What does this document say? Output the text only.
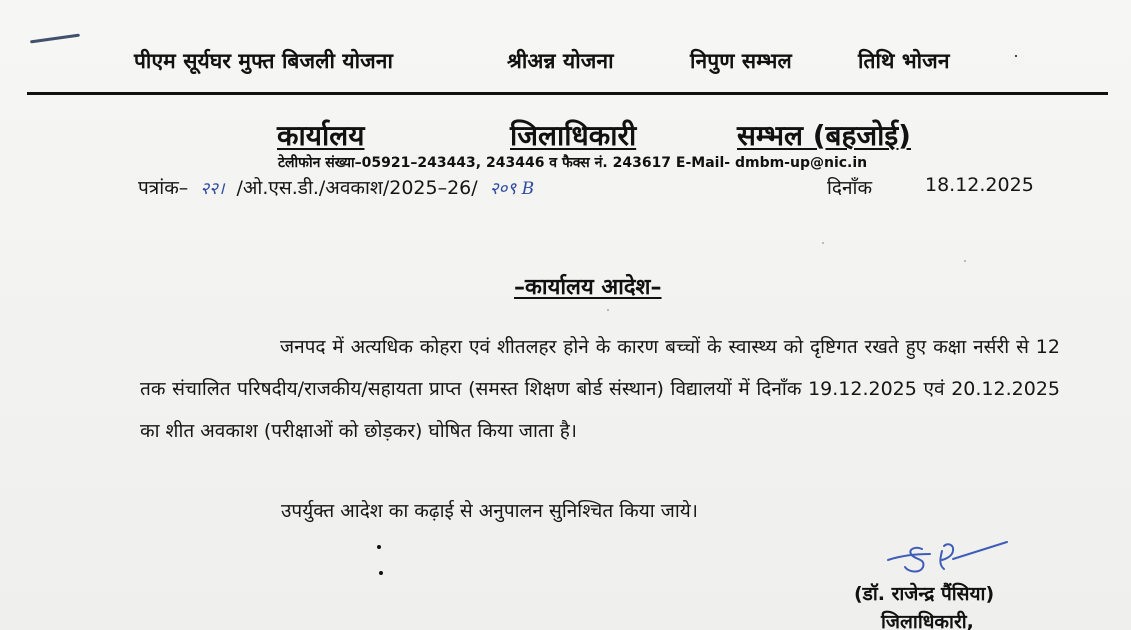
पीएम सूर्यघर मुफ्त बिजली योजना	श्रीअन्न योजना	निपुण सम्भल	तिथि भोजन
कार्यालय	जिलाधिकारी	सम्भल (बहजोई)
टेलीफोन संख्या–05921–243443, 243446 व फैक्स नं. 243617 E-Mail- dmbm-up@nic.in
पत्रांक– २२। /ओ.एस.डी./अवकाश/2025–26/ २०९ B	दिनाँक	18.12.2025
–कार्यालय आदेश–
जनपद में अत्यधिक कोहरा एवं शीतलहर होने के कारण बच्चों के स्वास्थ्य को दृष्टिगत रखते हुए कक्षा नर्सरी से 12 तक संचालित परिषदीय/राजकीय/सहायता प्राप्त (समस्त शिक्षण बोर्ड संस्थान) विद्यालयों में दिनाँक 19.12.2025 एवं 20.12.2025 का शीत अवकाश (परीक्षाओं को छोड़कर) घोषित किया जाता है।
उपर्युक्त आदेश का कढ़ाई से अनुपालन सुनिश्चित किया जाये।
(डॉ. राजेन्द्र पैंसिया)
जिलाधिकारी,
